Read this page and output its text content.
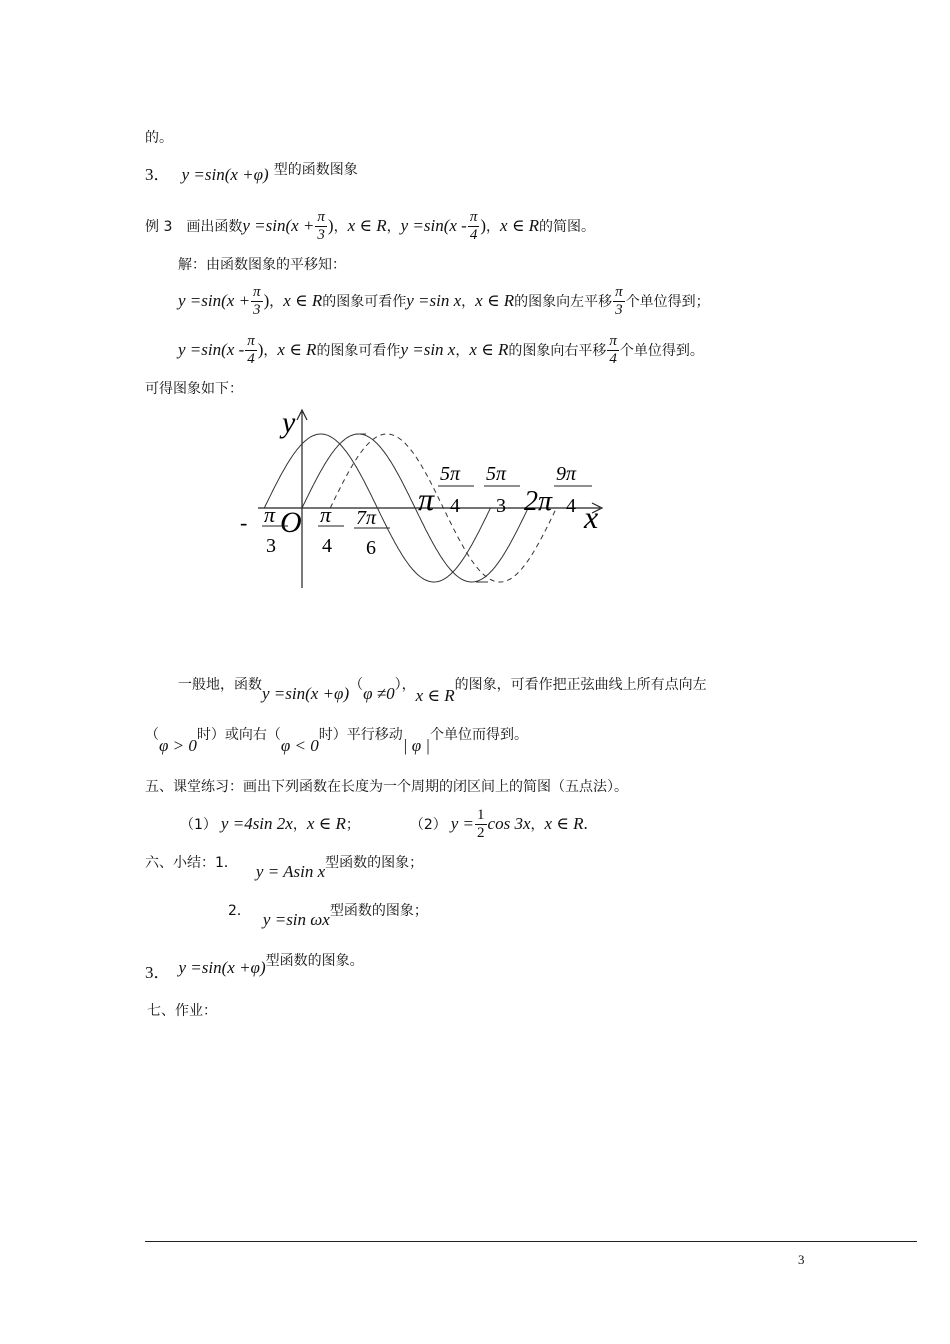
的。
3． y =sin(x +φ) 型的函数图象
例 3　画出函数 $y =\sin(x + \frac{\pi}{3}$ ) ， x ∈ R ， $y =\sin(x - \frac{\pi}{4}$ ) ， x ∈ R 的简图。
解：由函数图象的平移知：
$y =\sin(x + \frac{\pi}{3}$ ) ， x ∈ R 的图象可看作 y =sin x ， x ∈ R 的图象向左平移 $\frac{\pi}{3}$ 个单位得到；
$y =\sin(x - \frac{\pi}{4}$ ) ， x ∈ R 的图象可看作 y =sin x ， x ∈ R 的图象向右平移 $\frac{\pi}{4}$ 个单位得到。
可得图象如下：
y
x
O
- π
3
π
4
7π
6
π
5π
4
5π
3 2π
9π
4
一般地，函数 y =sin(x +φ) （ φ ≠0 ），
x ∈ R
的图象，可看作把正弦曲线上所有点向左
（
φ > 0
时）或向右（
φ < 0
时）平行移动
| φ |
个单位而得到。
五、课堂练习：画出下列函数在长度为一个周期的闭区间上的简图（五点法）。
（1） y =4sin 2x ， x ∈ R ；	（2） $y = \frac{1}{2}$ cos 3x ， x ∈ R .
六、小结：1． y = Asin x 型函数的图象；
2． y =sin ωx 型函数的图象；
3． y =sin(x +φ) 型函数的图象。
七、作业：
3
